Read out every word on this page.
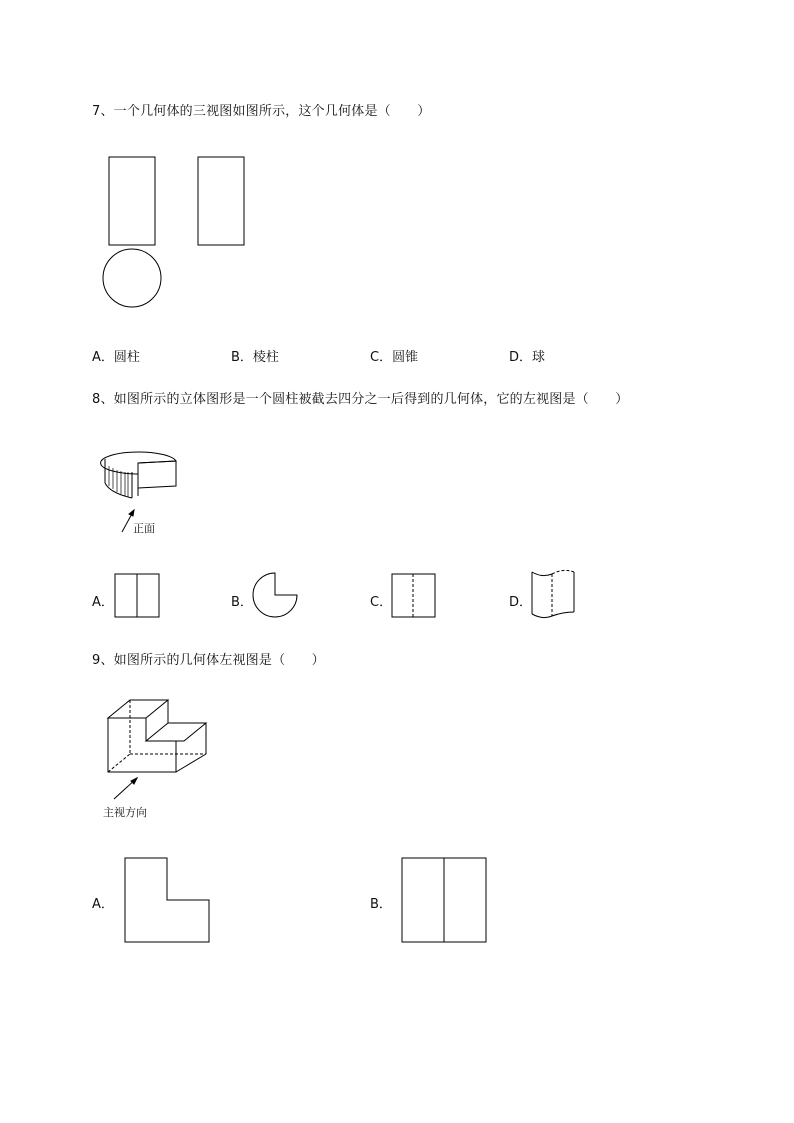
7、一个几何体的三视图如图所示，这个几何体是（　　）
A．圆柱	B．棱柱	C．圆锥	D．球
8、如图所示的立体图形是一个圆柱被截去四分之一后得到的几何体，它的左视图是（　　）
正面
A．	B．	C．	D．
9、如图所示的几何体左视图是（　　）
主视方向
A．	B．
